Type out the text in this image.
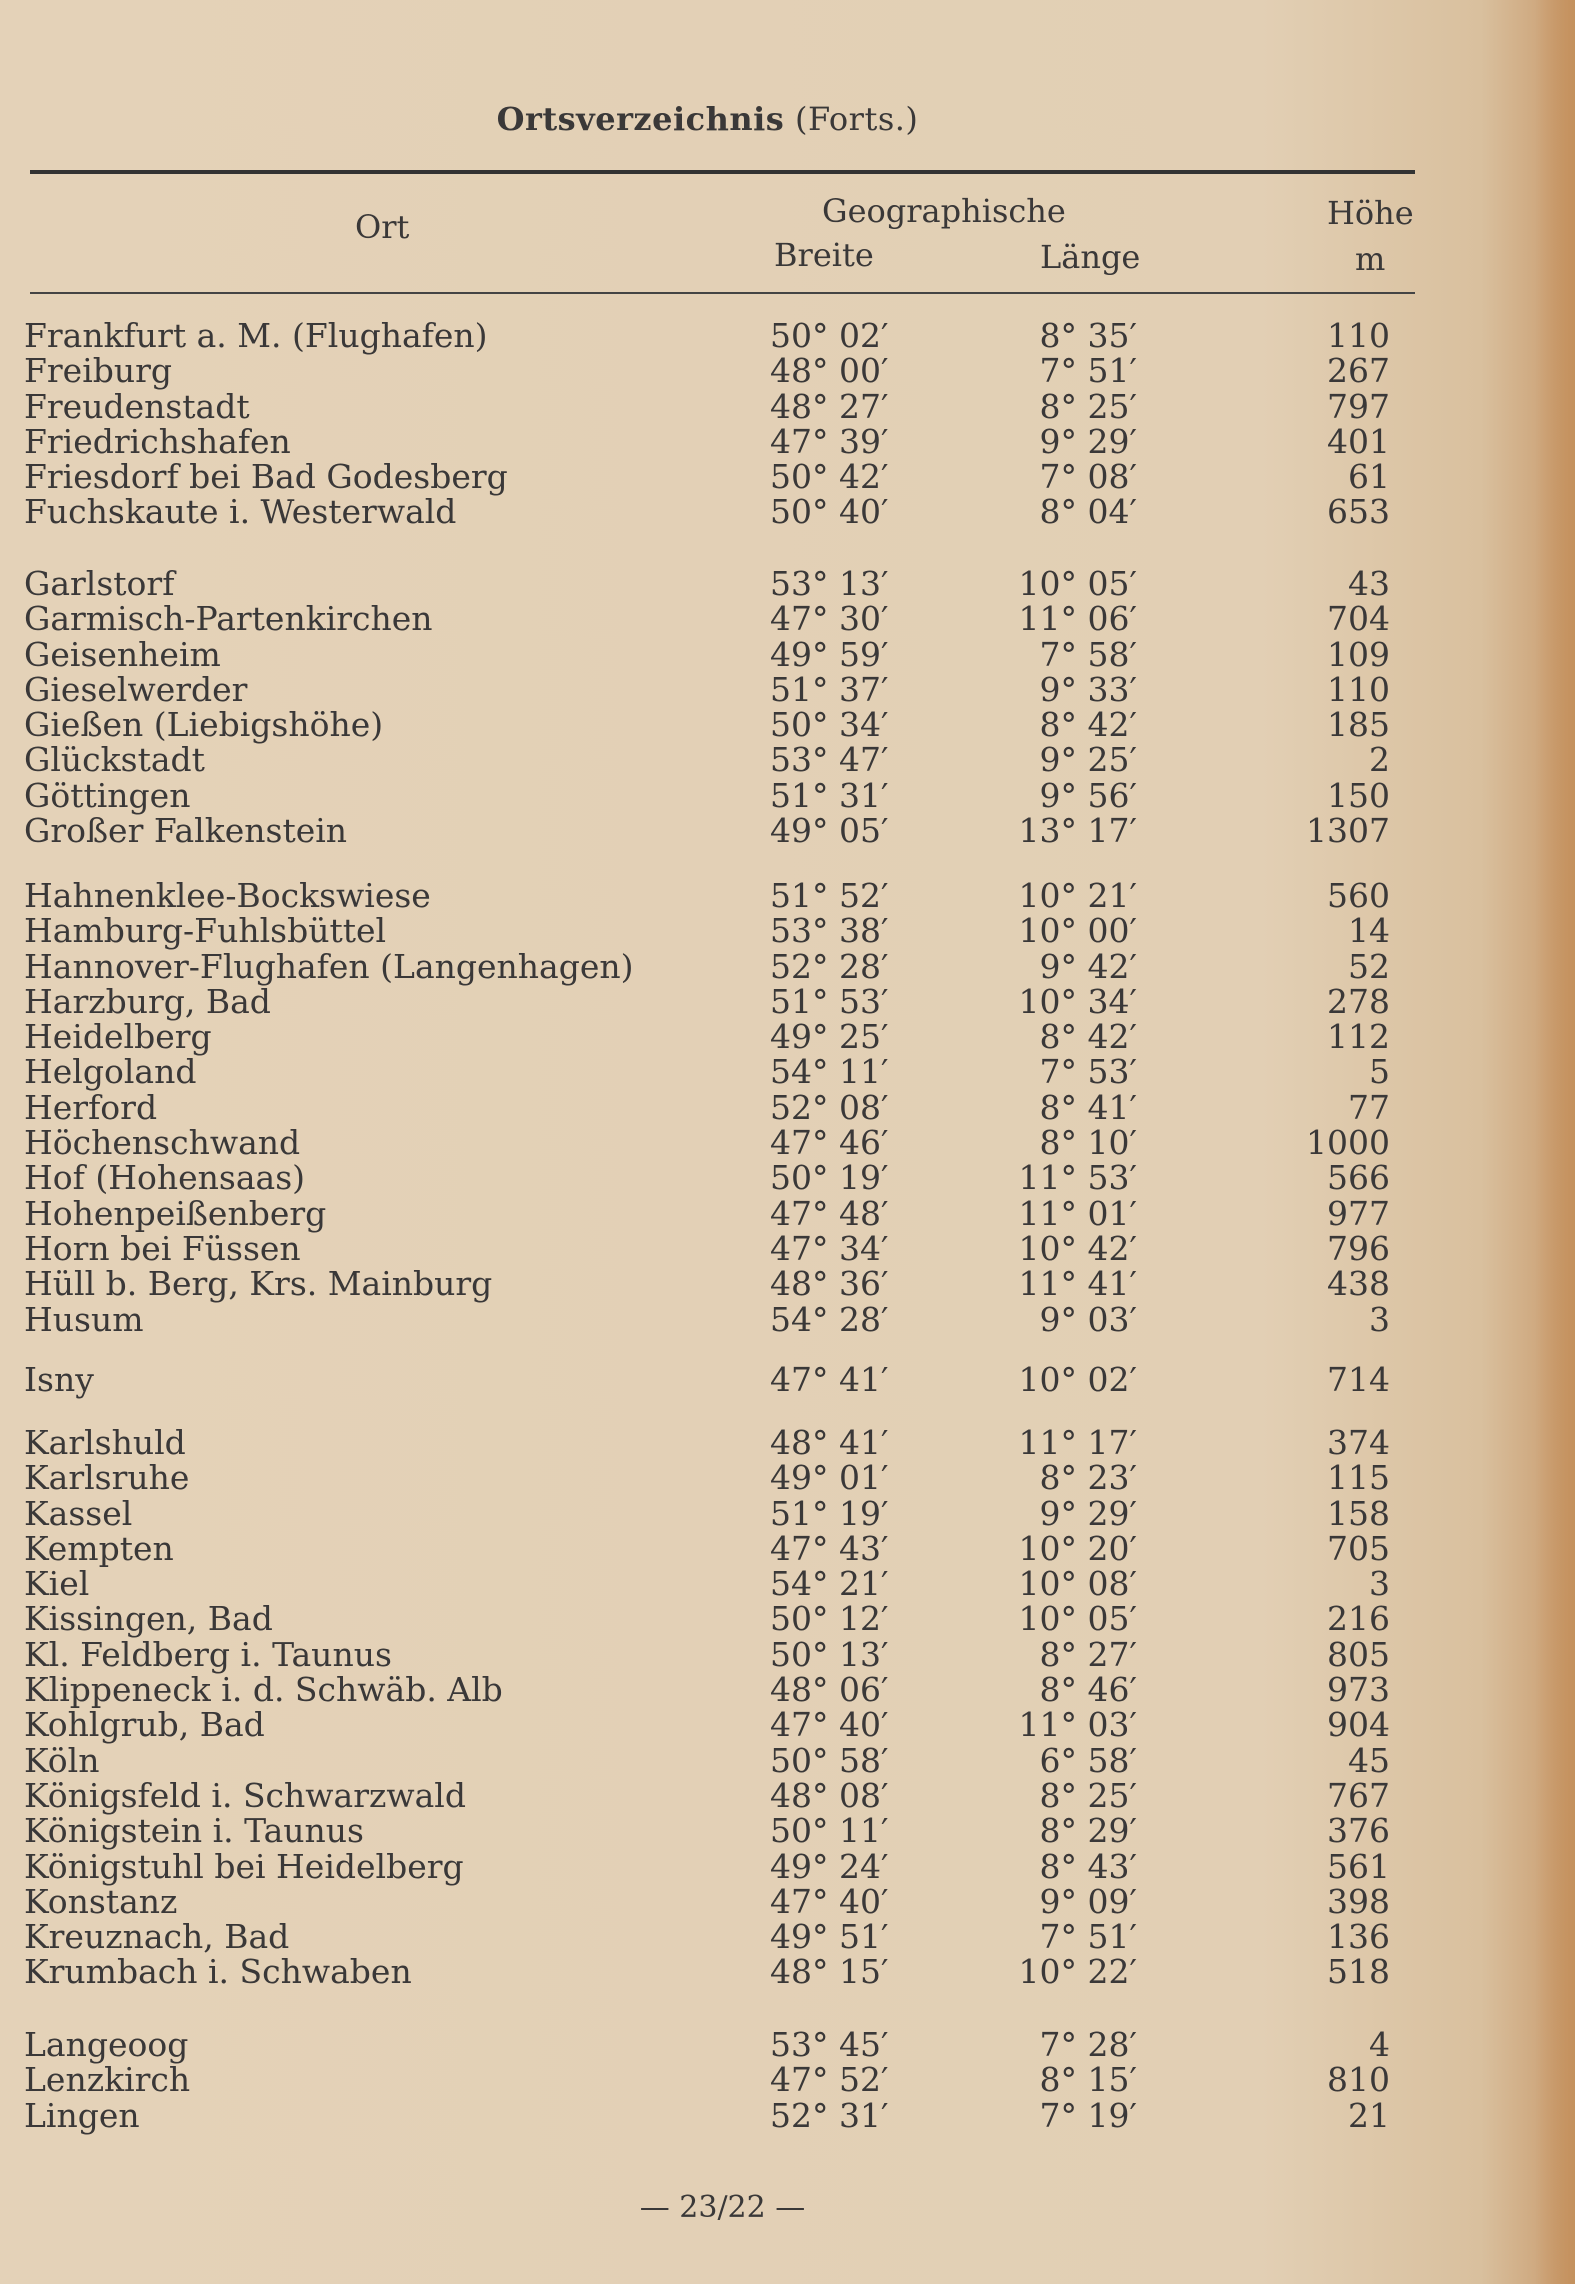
Ortsverzeichnis (Forts.)
Ort	Geographische
Breite	Länge
Höhe
m
Frankfurt a. M. (Flughafen)	50° 02′	8° 35′	110
Freiburg	48° 00′	7° 51′	267
Freudenstadt	48° 27′	8° 25′	797
Friedrichshafen	47° 39′	9° 29′	401
Friesdorf bei Bad Godesberg	50° 42′	7° 08′	61
Fuchskaute i. Westerwald	50° 40′	8° 04′	653
Garlstorf	53° 13′	10° 05′	43
Garmisch-Partenkirchen	47° 30′	11° 06′	704
Geisenheim	49° 59′	7° 58′	109
Gieselwerder	51° 37′	9° 33′	110
Gießen (Liebigshöhe)	50° 34′	8° 42′	185
Glückstadt	53° 47′	9° 25′	2
Göttingen	51° 31′	9° 56′	150
Großer Falkenstein	49° 05′	13° 17′	1307
Hahnenklee-Bockswiese	51° 52′	10° 21′	560
Hamburg-Fuhlsbüttel	53° 38′	10° 00′	14
Hannover-Flughafen (Langenhagen)	52° 28′	9° 42′	52
Harzburg, Bad	51° 53′	10° 34′	278
Heidelberg	49° 25′	8° 42′	112
Helgoland	54° 11′	7° 53′	5
Herford	52° 08′	8° 41′	77
Höchenschwand	47° 46′	8° 10′	1000
Hof (Hohensaas)	50° 19′	11° 53′	566
Hohenpeißenberg	47° 48′	11° 01′	977
Horn bei Füssen	47° 34′	10° 42′	796
Hüll b. Berg, Krs. Mainburg	48° 36′	11° 41′	438
Husum	54° 28′	9° 03′	3
Isny	47° 41′	10° 02′	714
Karlshuld	48° 41′	11° 17′	374
Karlsruhe	49° 01′	8° 23′	115
Kassel	51° 19′	9° 29′	158
Kempten	47° 43′	10° 20′	705
Kiel	54° 21′	10° 08′	3
Kissingen, Bad	50° 12′	10° 05′	216
Kl. Feldberg i. Taunus	50° 13′	8° 27′	805
Klippeneck i. d. Schwäb. Alb	48° 06′	8° 46′	973
Kohlgrub, Bad	47° 40′	11° 03′	904
Köln	50° 58′	6° 58′	45
Königsfeld i. Schwarzwald	48° 08′	8° 25′	767
Königstein i. Taunus	50° 11′	8° 29′	376
Königstuhl bei Heidelberg	49° 24′	8° 43′	561
Konstanz	47° 40′	9° 09′	398
Kreuznach, Bad	49° 51′	7° 51′	136
Krumbach i. Schwaben	48° 15′	10° 22′	518
Langeoog	53° 45′	7° 28′	4
Lenzkirch	47° 52′	8° 15′	810
Lingen	52° 31′	7° 19′	21
— 23/22 —
